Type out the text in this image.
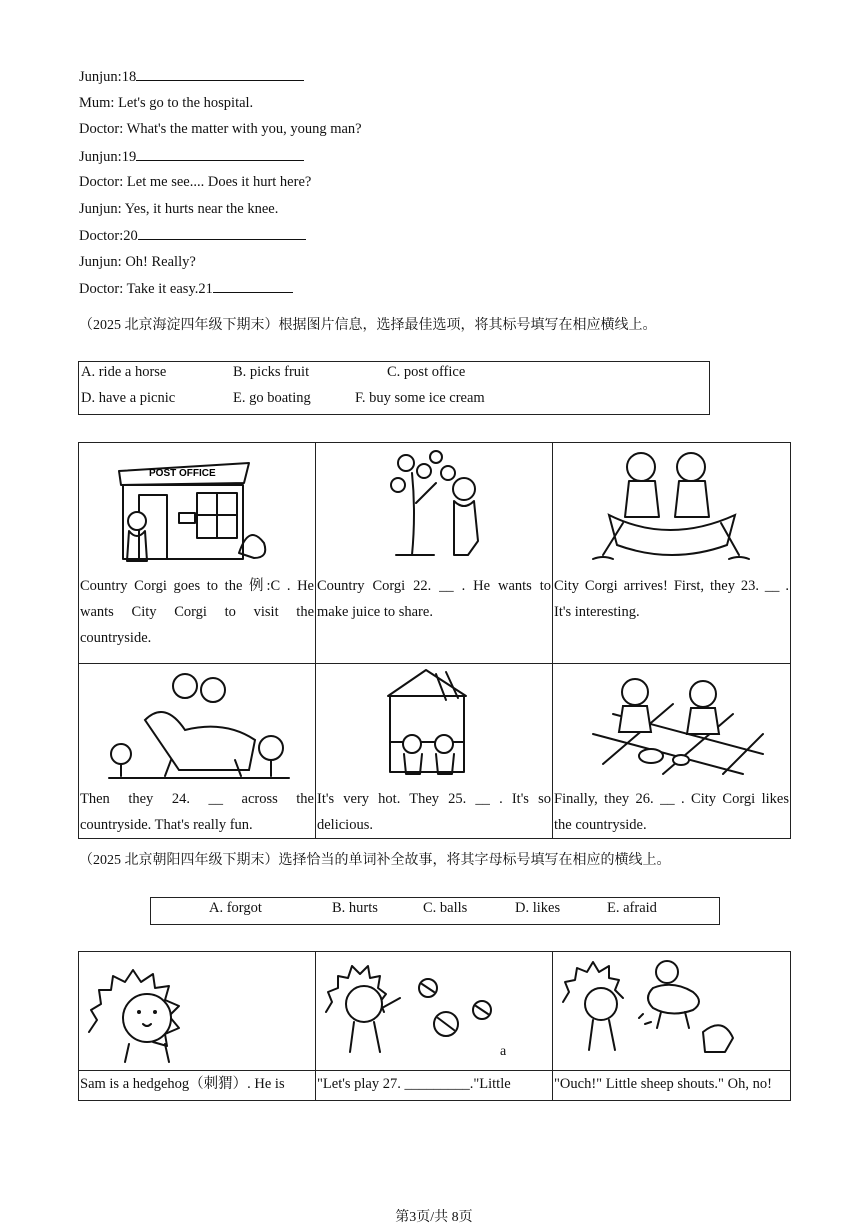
Junjun:18
Mum: Let's go to the hospital.
Doctor: What's the matter with you, young man?
Junjun:19
Doctor: Let me see.... Does it hurt here?
Junjun: Yes, it hurts near the knee.
Doctor:20
Junjun: Oh! Really?
Doctor: Take it easy.21
（2025 北京海淀四年级下期末）根据图片信息，选择最佳选项，将其标号填写在相应横线上。
A. ride a horse	B. picks fruit	C. post office
D. have a picnic	E. go boating	F. buy some ice cream
POST OFFICE
Country Corgi goes to the 例:C . He wants City Corgi to visit the countryside.	Country Corgi 22. __ . He wants to make juice to share.	City Corgi arrives! First, they 23. __ . It's interesting.

Then they 24. __ across the countryside. That's really fun.	It's very hot. They 25. __ . It's so delicious.	Finally, they 26. __ . City Corgi likes the countryside.
（2025 北京朝阳四年级下期末）选择恰当的单词补全故事，将其字母标号填写在相应的横线上。
A. forgot	B. hurts	C. balls	D. likes	E. afraid

a

Sam is a hedgehog（刺猬）. He is	"Let's play 27. _________."Little	"Ouch!" Little sheep shouts." Oh, no!
第3页/共 8页
